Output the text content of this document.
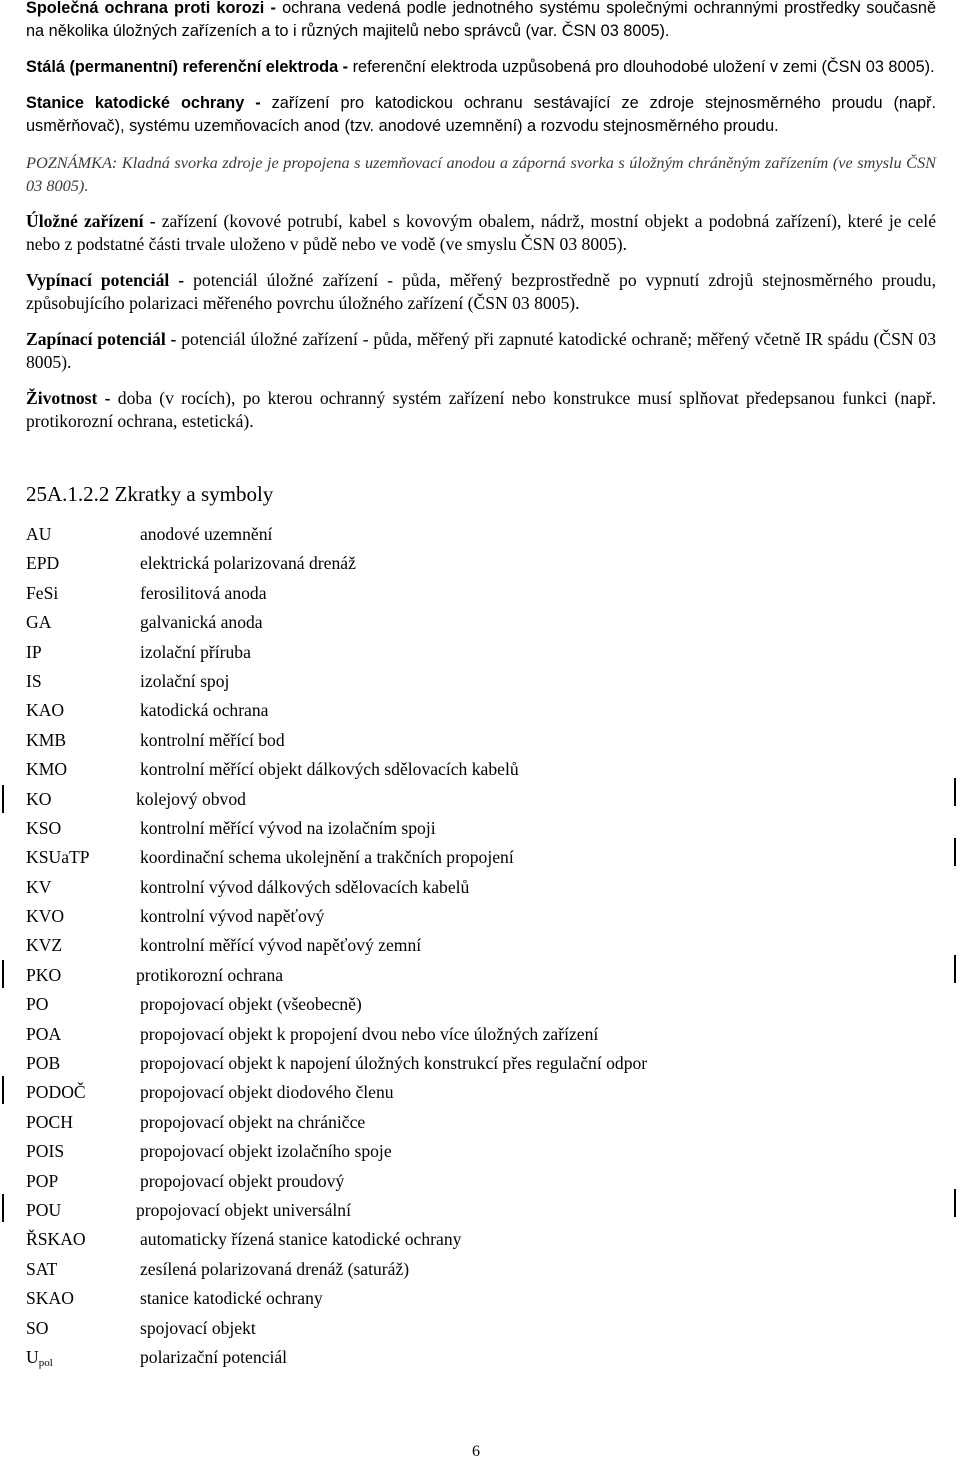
Společná ochrana proti korozi - ochrana vedená podle jednotného systému společnými ochrannými prostředky současně na několika úložných zařízeních a to i různých majitelů nebo správců (var. ČSN 03 8005).

Stálá (permanentní) referenční elektroda - referenční elektroda uzpůsobená pro dlouhodobé uložení v zemi (ČSN 03 8005).

Stanice katodické ochrany - zařízení pro katodickou ochranu sestávající ze zdroje stejnosměrného proudu (např. usměrňovač), systému uzemňovacích anod (tzv. anodové uzemnění) a rozvodu stejnosměrného proudu.

POZNÁMKA: Kladná svorka zdroje je propojena s uzemňovací anodou a záporná svorka s úložným chráněným zařízením (ve smyslu ČSN 03 8005).

Úložné zařízení - zařízení (kovové potrubí, kabel s kovovým obalem, nádrž, mostní objekt a podobná zařízení), které je celé nebo z podstatné části trvale uloženo v půdě nebo ve vodě (ve smyslu ČSN 03 8005).

Vypínací potenciál - potenciál úložné zařízení - půda, měřený bezprostředně po vypnutí zdrojů stejnosměrného proudu, způsobujícího polarizaci měřeného povrchu úložného zařízení (ČSN 03 8005).

Zapínací potenciál - potenciál úložné zařízení - půda, měřený při zapnuté katodické ochraně; měřený včetně IR spádu (ČSN 03 8005).

Životnost - doba (v rocích), po kterou ochranný systém zařízení nebo konstrukce musí splňovat předepsanou funkci (např. protikorozní ochrana, estetická).

25A.1.2.2 Zkratky a symboly
AU	anodové uzemnění
EPD	elektrická polarizovaná drenáž
FeSi	ferosilitová anoda
GA	galvanická anoda
IP	izolační příruba
IS	izolační spoj
KAO	katodická ochrana
KMB	kontrolní měřící bod
KMO	kontrolní měřící objekt dálkových sdělovacích kabelů
KO	kolejový obvod
KSO	kontrolní měřící vývod na izolačním spoji
KSUaTP	koordinační schema ukolejnění a trakčních propojení
KV	kontrolní vývod dálkových sdělovacích kabelů
KVO	kontrolní vývod napěťový
KVZ	kontrolní měřící vývod napěťový zemní
PKO	protikorozní ochrana
PO	propojovací objekt (všeobecně)
POA	propojovací objekt k propojení dvou nebo více úložných zařízení
POB	propojovací objekt k napojení úložných konstrukcí přes regulační odpor
PODOČ	propojovací objekt diodového členu
POCH	propojovací objekt na chráničce
POIS	propojovací objekt izolačního spoje
POP	propojovací objekt proudový
POU	propojovací objekt universální
ŘSKAO	automaticky řízená stanice katodické ochrany
SAT	zesílená polarizovaná drenáž (saturáž)
SKAO	stanice katodické ochrany
SO	spojovací objekt
$U_{pol}$	polarizační potenciál
6
